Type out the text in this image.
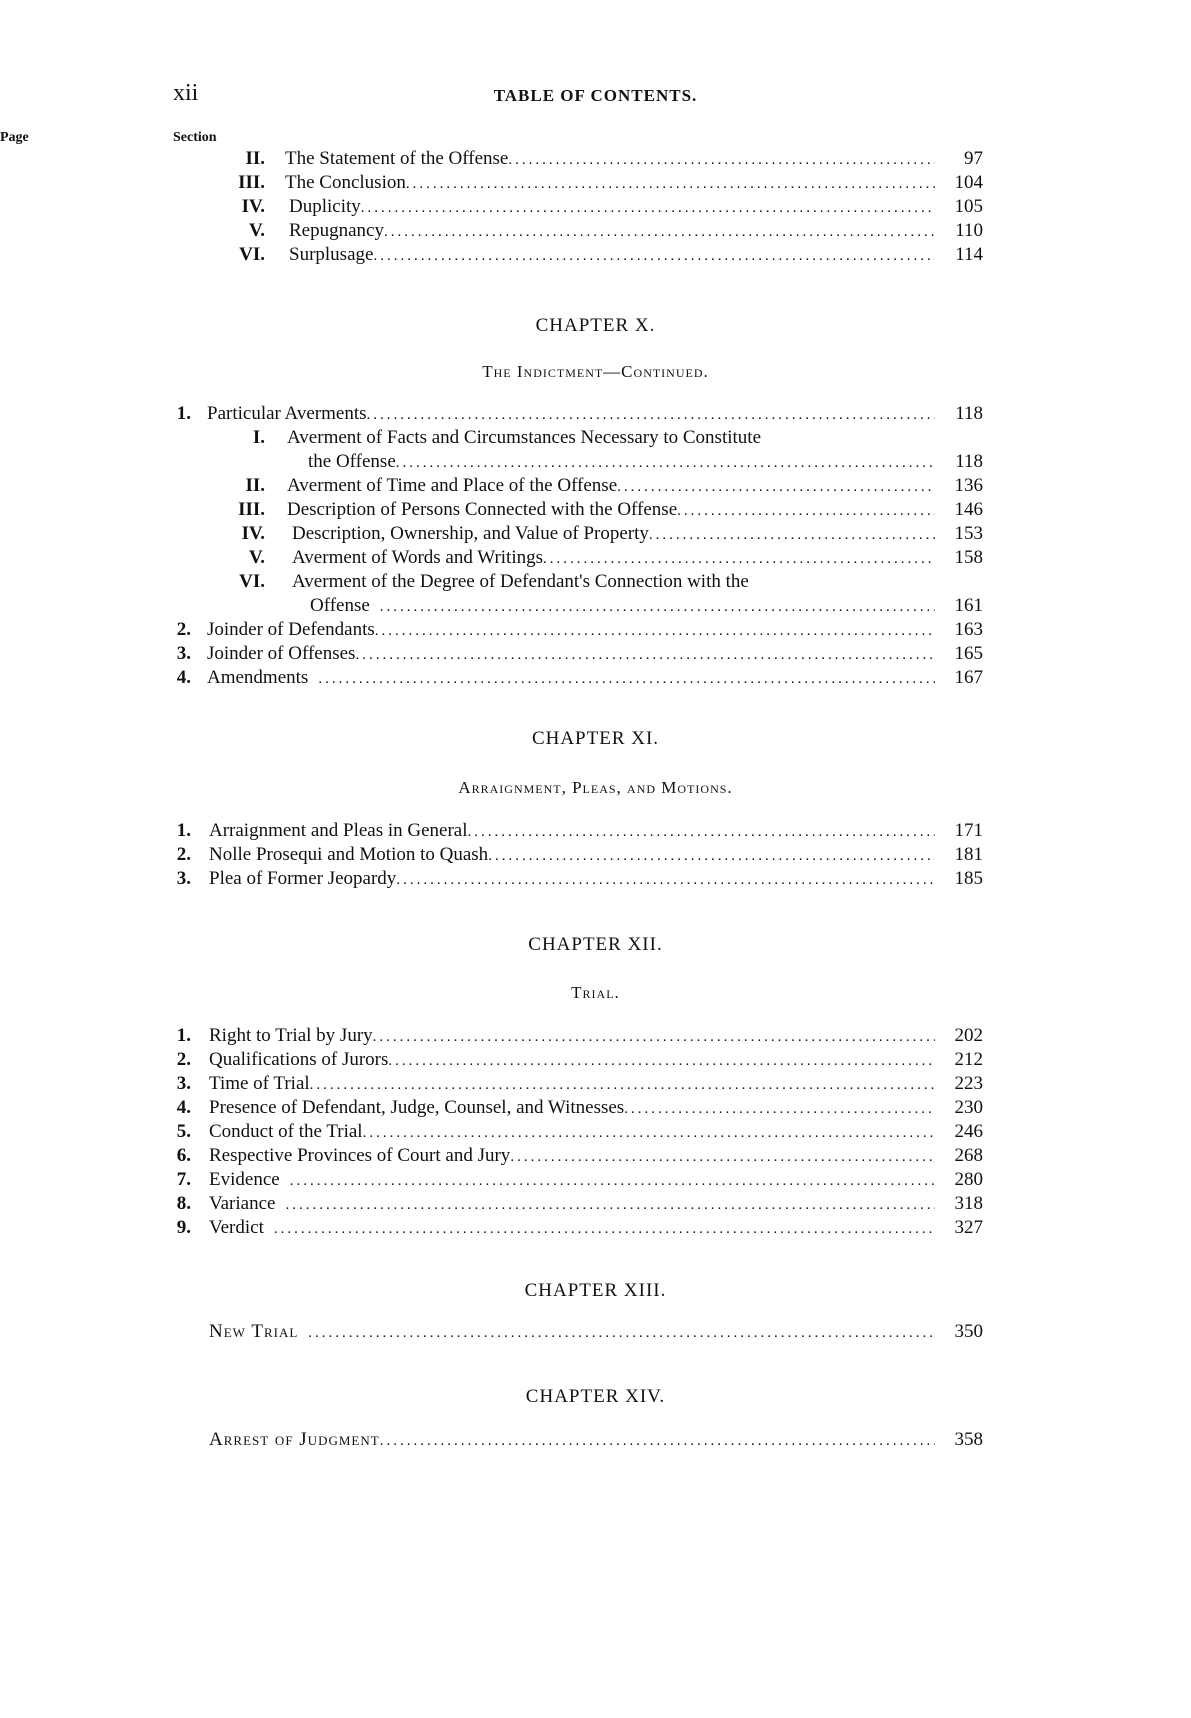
xii	TABLE OF CONTENTS.
Section
Page
II. The Statement of the Offense .....	97
III. The Conclusion .....	104
IV. Duplicity .....	105
V. Repugnancy .....	110
VI. Surplusage .....	114
CHAPTER X.
The Indictment—Continued.
1. Particular Averments .....	118
I. Averment of Facts and Circumstances Necessary to Constitute
the Offense .....	118
II. Averment of Time and Place of the Offense .....	136
III. Description of Persons Connected with the Offense .....	146
IV. Description, Ownership, and Value of Property .....	153
V. Averment of Words and Writings .....	158
VI. Averment of the Degree of Defendant's Connection with the
Offense .....	161
2. Joinder of Defendants .....	163
3. Joinder of Offenses .....	165
4. Amendments .....	167
CHAPTER XI.
Arraignment, Pleas, and Motions.
1. Arraignment and Pleas in General .....	171
2. Nolle Prosequi and Motion to Quash .....	181
3. Plea of Former Jeopardy .....	185
CHAPTER XII.
Trial.
1. Right to Trial by Jury .....	202
2. Qualifications of Jurors .....	212
3. Time of Trial .....	223
4. Presence of Defendant, Judge, Counsel, and Witnesses .....	230
5. Conduct of the Trial .....	246
6. Respective Provinces of Court and Jury .....	268
7. Evidence .....	280
8. Variance .....	318
9. Verdict .....	327
CHAPTER XIII.
New Trial .....	350
CHAPTER XIV.
Arrest of Judgment .....	358
